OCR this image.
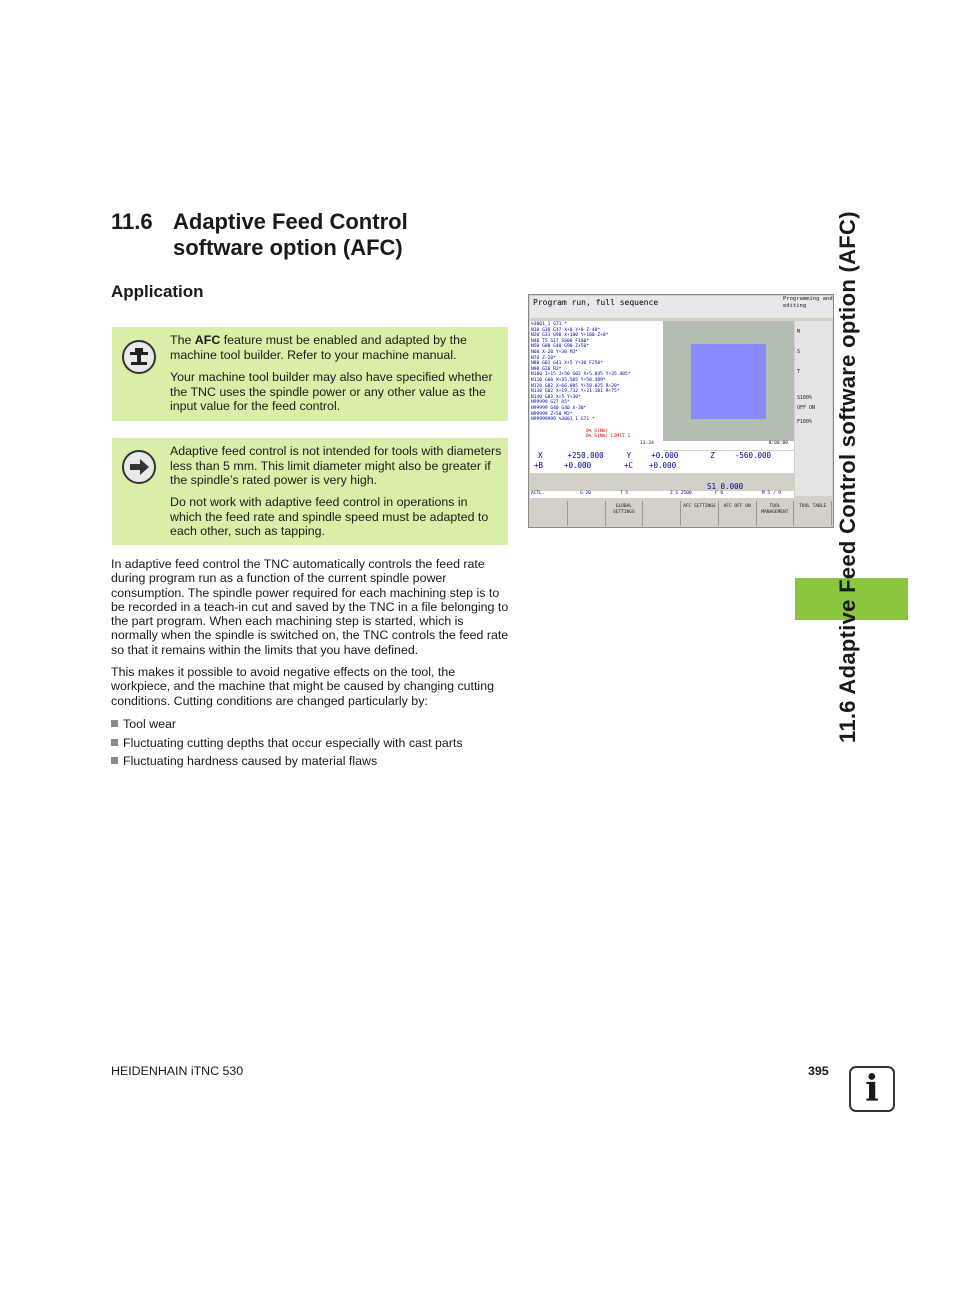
11.6 Adaptive Feed Control
software option (AFC)
Application

The AFC feature must be enabled and adapted by the machine tool builder. Refer to your machine manual.

Your machine tool builder may also have specified whether the TNC uses the spindle power or any other value as the input value for the feed control.

Adaptive feed control is not intended for tools with diameters less than 5 mm. This limit diameter might also be greater if the spindle’s rated power is very high.

Do not work with adaptive feed control in operations in which the feed rate and spindle speed must be adapted to each other, such as tapping.

In adaptive feed control the TNC automatically controls the feed rate during program run as a function of the current spindle power consumption. The spindle power required for each machining step is to be recorded in a teach-in cut and saved by the TNC in a file belonging to the part program. When each machining step is started, which is normally when the spindle is switched on, the TNC controls the feed rate so that it remains within the limits that you have defined.

This makes it possible to avoid negative effects on the tool, the workpiece, and the machine that might be caused by changing cutting conditions. Cutting conditions are changed particularly by:

Tool wear
Fluctuating cutting depths that occur especially with cast parts
Fluctuating hardness caused by material flaws
Program run, full sequence	Programming and editing
%3001_1 G71 *
N10 G30 G17 X+0 Y+0 Z-40*
N20 G31 G90 X+100 Y+100 Z+0*
N40 T5 G17 S600 F100*
N50 G00 G40 G90 Z+50*
N60 X-20 Y+30 M3*
N70 Z-20*
N80 G01 G41 X+5 Y+30 F250*
N90 G26 R2*
N100 I+15 J+50 G02 X+5.045 Y+35.405*
N110 G06 X+35.505 Y+58.489*
N120 G02 X+66.005 Y+58.025 R+20*
N130 G02 X+19.732 Y+21.101 R+75*
N140 G02 X+5 Y+30*
N99999 G27 R5*
N99999 G40 G40 X-30*
N99999 Z+50 M2*
N99999999 %3001_1 G71 *
0% S(Nm)
0% S(Nm) LIMIT 1
13:34	0:00:00
M
S
T
S100%
OFF ON
F100%
X	+250.000	Y	+0.000	Z	-560.000
+B	+0.000	+C	+0.000
S1 0.000
ACTL.	G-20	T 5	Z S 2500	F 0	M 5 / 9
GLOBAL SETTINGS
AFC SETTINGS	AFC OFF ON	TOOL MANAGEMENT
TOOL TABLE 11.6 Adaptive Feed Control software option (AFC)
HEIDENHAIN iTNC 530	395	i
